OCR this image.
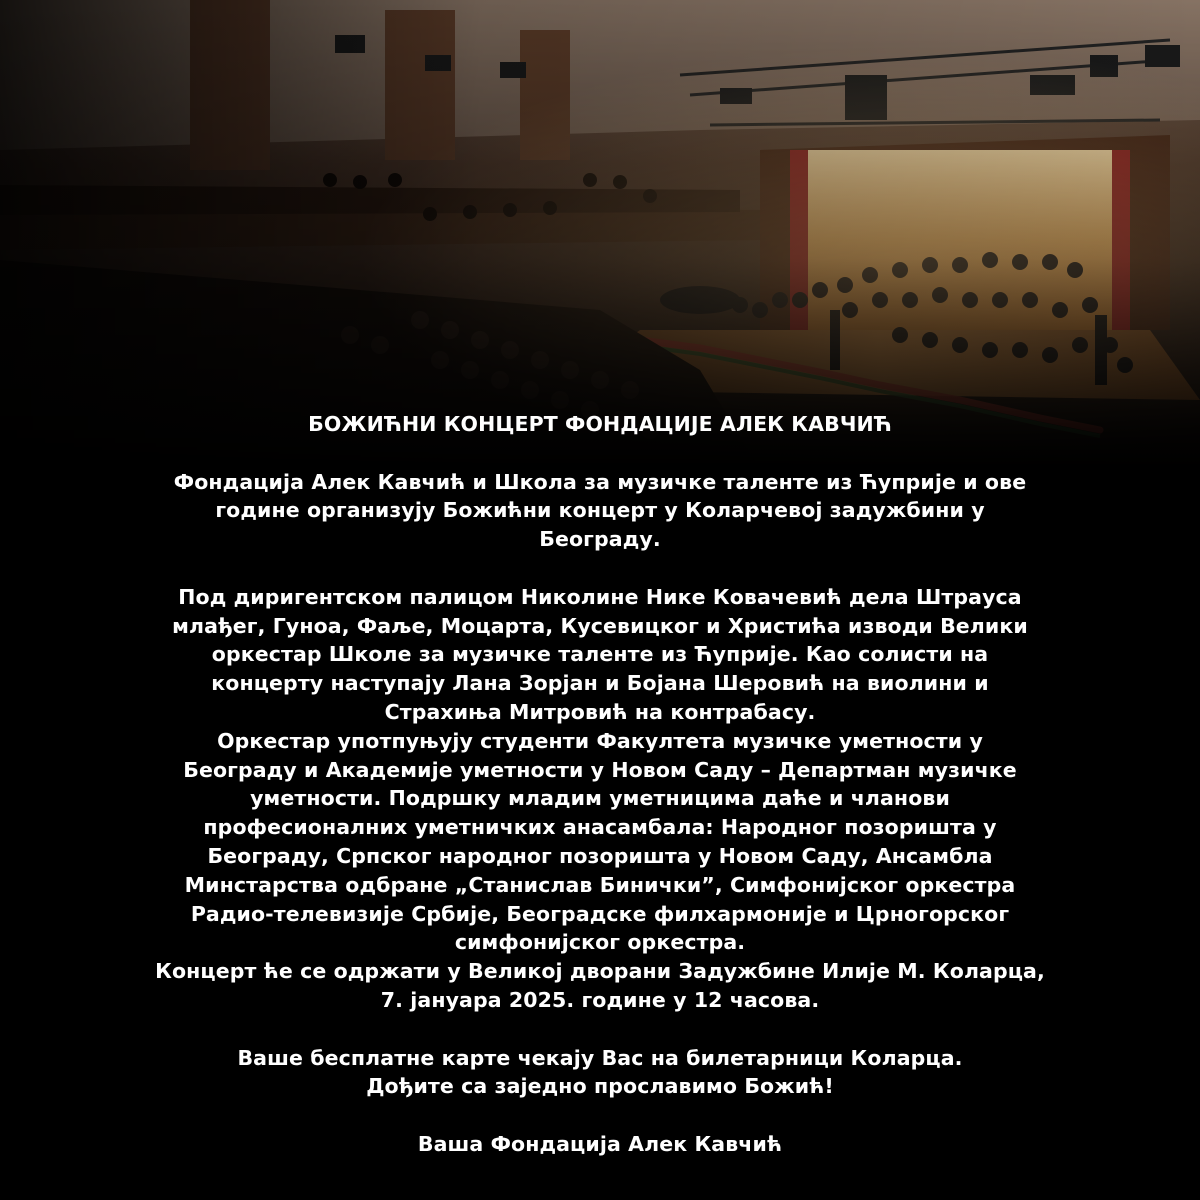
БОЖИЋНИ КОНЦЕРТ ФОНДАЦИЈЕ АЛЕК КАВЧИЋ

Фондација Алек Кавчић и Школа за музичке таленте из Ћуприје и ове

године организују Божићни концерт у Коларчевој задужбини у

Београду.

Под диригентском палицом Николине Нике Ковачевић дела Штрауса

млађег, Гуноа, Фаље, Моцарта, Кусевицког и Христића изводи Велики

оркестар Школе за музичке таленте из Ћуприје. Као солисти на

концерту наступају Лана Зорјан и Бојана Шеровић на виолини и

Страхиња Митровић на контрабасу.

Оркестар употпуњују студенти Факултета музичке уметности у

Београду и Академије уметности у Новом Саду – Департман музичке

уметности. Подршку младим уметницима даће и чланови

професионалних уметничких анасамбала: Народног позоришта у

Београду, Српског народног позоришта у Новом Саду, Ансамбла

Минстарства одбране „Станислав Бинички”, Симфонијског оркестра

Радио-телевизије Србије, Београдске филхармоније и Црногорског

симфонијског оркестра.

Концерт ће се одржати у Великој дворани Задужбине Илије М. Коларца,

7. јануара 2025. године у 12 часова.

Ваше бесплатне карте чекају Вас на билетарници Коларца.

Дођите са заједно прославимо Божић!

Ваша Фондација Алек Кавчић
